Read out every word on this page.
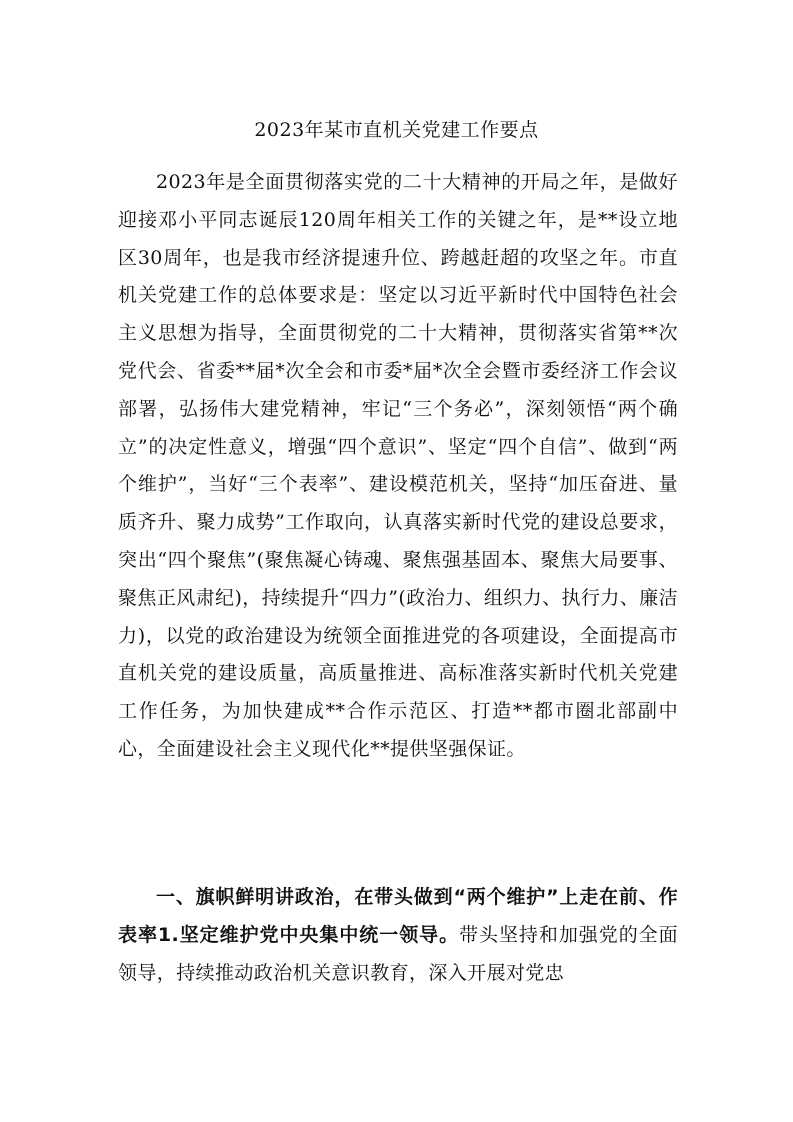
2023年某市直机关党建工作要点

2023年是全面贯彻落实党的二十大精神的开局之年，是做好迎接邓小平同志诞辰120周年相关工作的关键之年，是**设立地区30周年，也是我市经济提速升位、跨越赶超的攻坚之年。市直机关党建工作的总体要求是：坚定以习近平新时代中国特色社会主义思想为指导，全面贯彻党的二十大精神，贯彻落实省第**次党代会、省委**届*次全会和市委*届*次全会暨市委经济工作会议部署，弘扬伟大建党精神，牢记“三个务必”，深刻领悟“两个确立”的决定性意义，增强“四个意识”、坚定“四个自信”、做到“两个维护”，当好“三个表率”、建设模范机关，坚持“加压奋进、量质齐升、聚力成势”工作取向，认真落实新时代党的建设总要求，突出“四个聚焦”(聚焦凝心铸魂、聚焦强基固本、聚焦大局要事、聚焦正风肃纪)，持续提升“四力”(政治力、组织力、执行力、廉洁力)，以党的政治建设为统领全面推进党的各项建设，全面提高市直机关党的建设质量，高质量推进、高标准落实新时代机关党建工作任务，为加快建成**合作示范区、打造**都市圈北部副中心，全面建设社会主义现代化**提供坚强保证。

一、旗帜鲜明讲政治，在带头做到“两个维护”上走在前、作表率1.坚定维护党中央集中统一领导。带头坚持和加强党的全面领导，持续推动政治机关意识教育，深入开展对党忠
